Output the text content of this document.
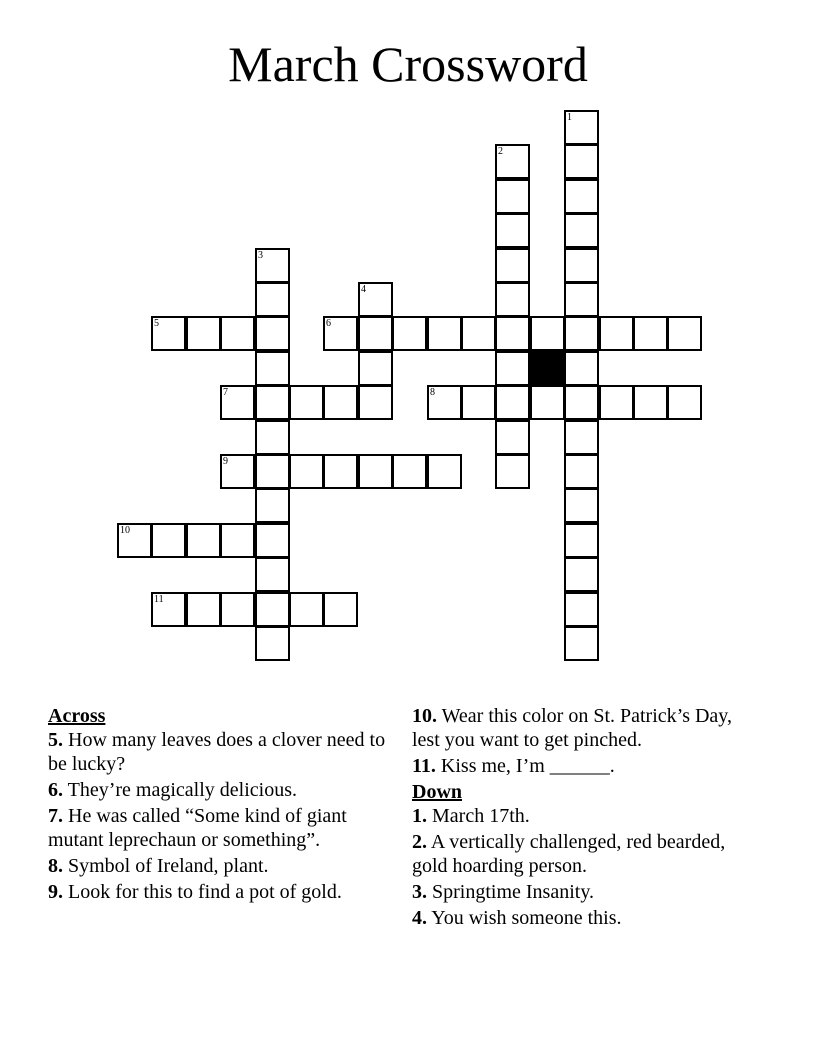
March Crossword
1
2
3
4
5	6
7	8
9
10
11
Across
5. How many leaves does a clover need to be lucky?
6. They’re magically delicious.
7. He was called “Some kind of giant mutant leprechaun or something”.
8. Symbol of Ireland, plant.
9. Look for this to find a pot of gold.
10. Wear this color on St. Patrick’s Day, lest you want to get pinched.
11. Kiss me, I’m ______.
Down
1. March 17th.
2. A vertically challenged, red bearded, gold hoarding person.
3. Springtime Insanity.
4. You wish someone this.
